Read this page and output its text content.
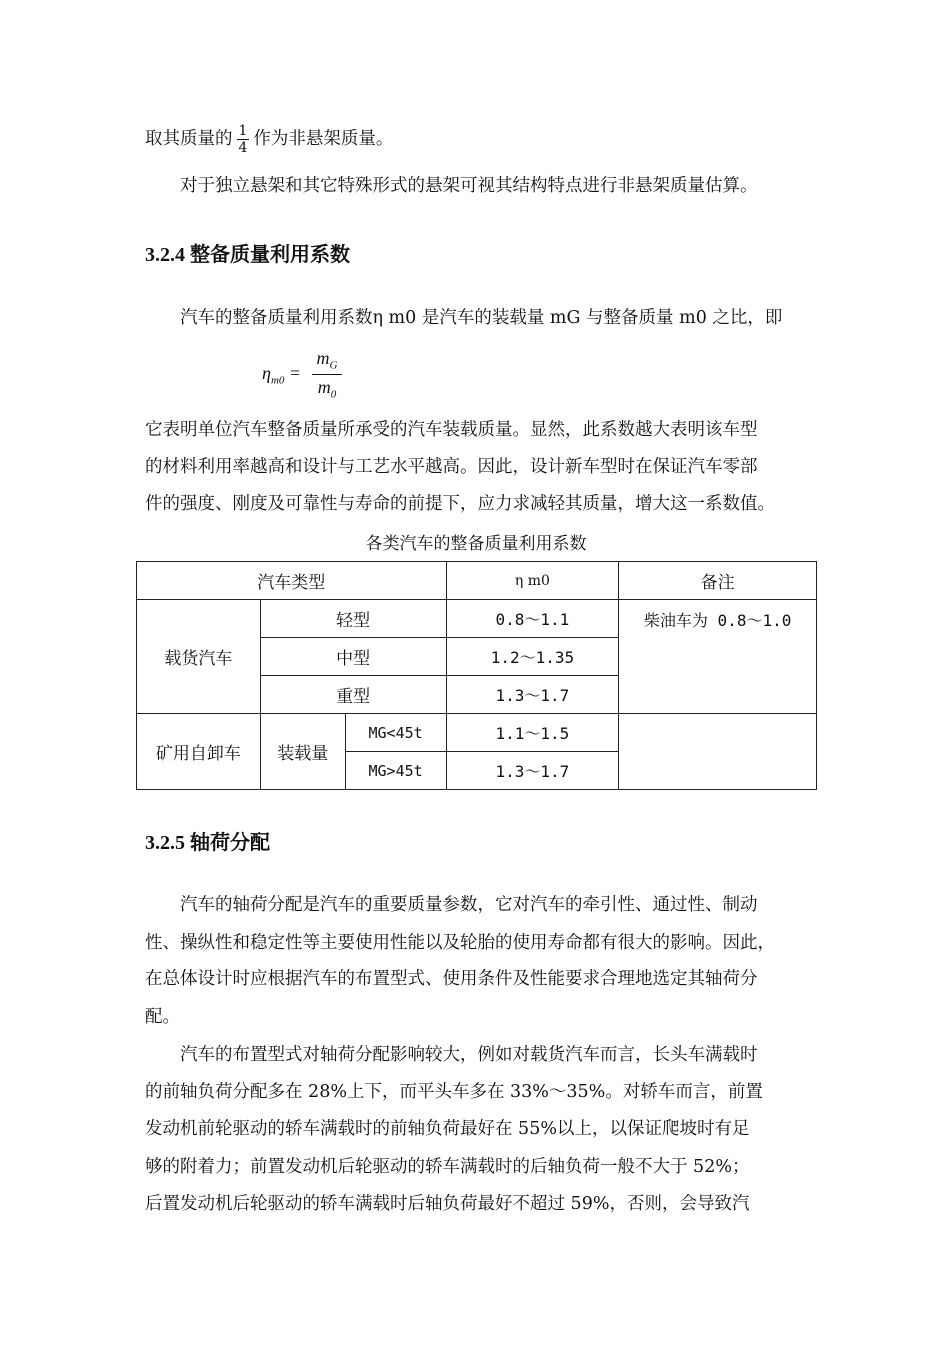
取其质量的 $\frac{1}{4}$ 作为非悬架质量。
对于独立悬架和其它特殊形式的悬架可视其结构特点进行非悬架质量估算。
3.2.4 整备质量利用系数
汽车的整备质量利用系数η m0 是汽车的装载量 mG 与整备质量 m0 之比，即
$\eta_{m0} = \frac{m_G}{m_0}$
它表明单位汽车整备质量所承受的汽车装载质量。显然，此系数越大表明该车型
的材料利用率越高和设计与工艺水平越高。因此，设计新车型时在保证汽车零部
件的强度、刚度及可靠性与寿命的前提下，应力求减轻其质量，增大这一系数值。
各类汽车的整备质量利用系数
汽车类型			η m0	备注
载货汽车	轻型		0.8～1.1	柴油车为 0.8～1.0
	中型		1.2～1.35	
	重型		1.3～1.7	
矿用自卸车	装载量	MG<45t	1.1～1.5	
		MG>45t	1.3～1.7	
3.2.5 轴荷分配
汽车的轴荷分配是汽车的重要质量参数，它对汽车的牵引性、通过性、制动
性、操纵性和稳定性等主要使用性能以及轮胎的使用寿命都有很大的影响。因此，
在总体设计时应根据汽车的布置型式、使用条件及性能要求合理地选定其轴荷分
配。
汽车的布置型式对轴荷分配影响较大，例如对载货汽车而言，长头车满载时
的前轴负荷分配多在 28%上下，而平头车多在 33%～35%。对轿车而言，前置
发动机前轮驱动的轿车满载时的前轴负荷最好在 55%以上，以保证爬坡时有足
够的附着力；前置发动机后轮驱动的轿车满载时的后轴负荷一般不大于 52%；
后置发动机后轮驱动的轿车满载时后轴负荷最好不超过 59%，否则，会导致汽
